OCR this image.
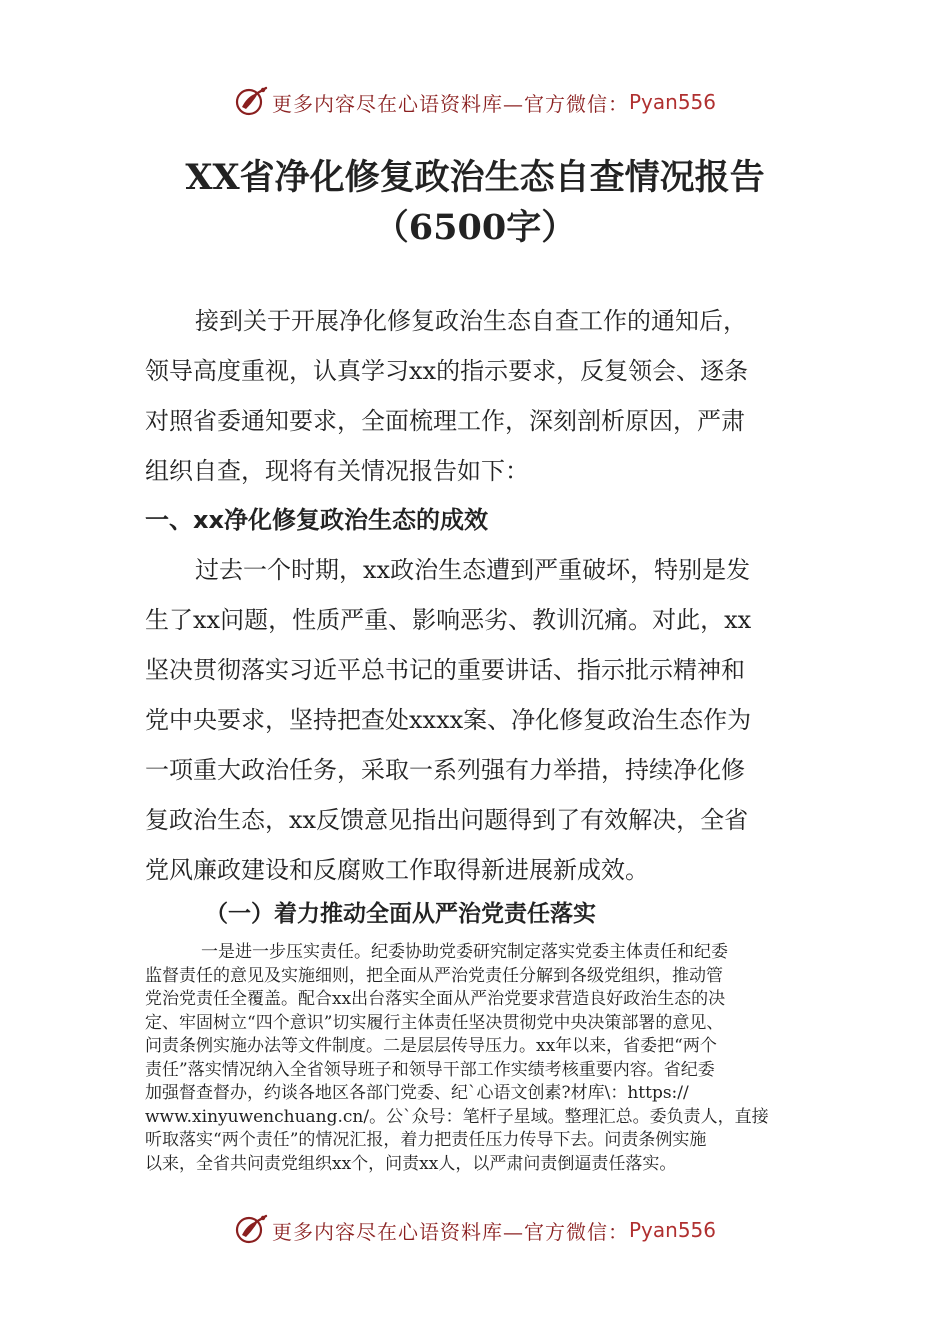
更多内容尽在心语资料库—官方微信： Pyan556
XX省净化修复政治生态自查情况报告
（6500字）
接到关于开展净化修复政治生态自查工作的通知后，
领导高度重视，认真学习xx的指示要求，反复领会、逐条
对照省委通知要求，全面梳理工作，深刻剖析原因，严肃
组织自查，现将有关情况报告如下：
一、xx净化修复政治生态的成效
过去一个时期，xx政治生态遭到严重破坏，特别是发
生了xx问题，性质严重、影响恶劣、教训沉痛。对此，xx
坚决贯彻落实习近平总书记的重要讲话、指示批示精神和
党中央要求，坚持把查处xxxx案、净化修复政治生态作为
一项重大政治任务，采取一系列强有力举措，持续净化修
复政治生态，xx反馈意见指出问题得到了有效解决，全省
党风廉政建设和反腐败工作取得新进展新成效。
（一）着力推动全面从严治党责任落实
一是进一步压实责任。纪委协助党委研究制定落实党委主体责任和纪委
监督责任的意见及实施细则，把全面从严治党责任分解到各级党组织，推动管
党治党责任全覆盖。配合xx出台落实全面从严治党要求营造良好政治生态的决
定、牢固树立“四个意识”切实履行主体责任坚决贯彻党中央决策部署的意见、
问责条例实施办法等文件制度。二是层层传导压力。xx年以来，省委把“两个
责任”落实情况纳入全省领导班子和领导干部工作实绩考核重要内容。省纪委
加强督查督办，约谈各地区各部门党委、纪`心语文创素?材库\：https://
www.xinyuwenchuang.cn/。公`众号：笔杆子星域。整理汇总。委负责人，直接
听取落实“两个责任”的情况汇报，着力把责任压力传导下去。问责条例实施
以来，全省共问责党组织xx个，问责xx人，以严肃问责倒逼责任落实。
更多内容尽在心语资料库—官方微信： Pyan556
